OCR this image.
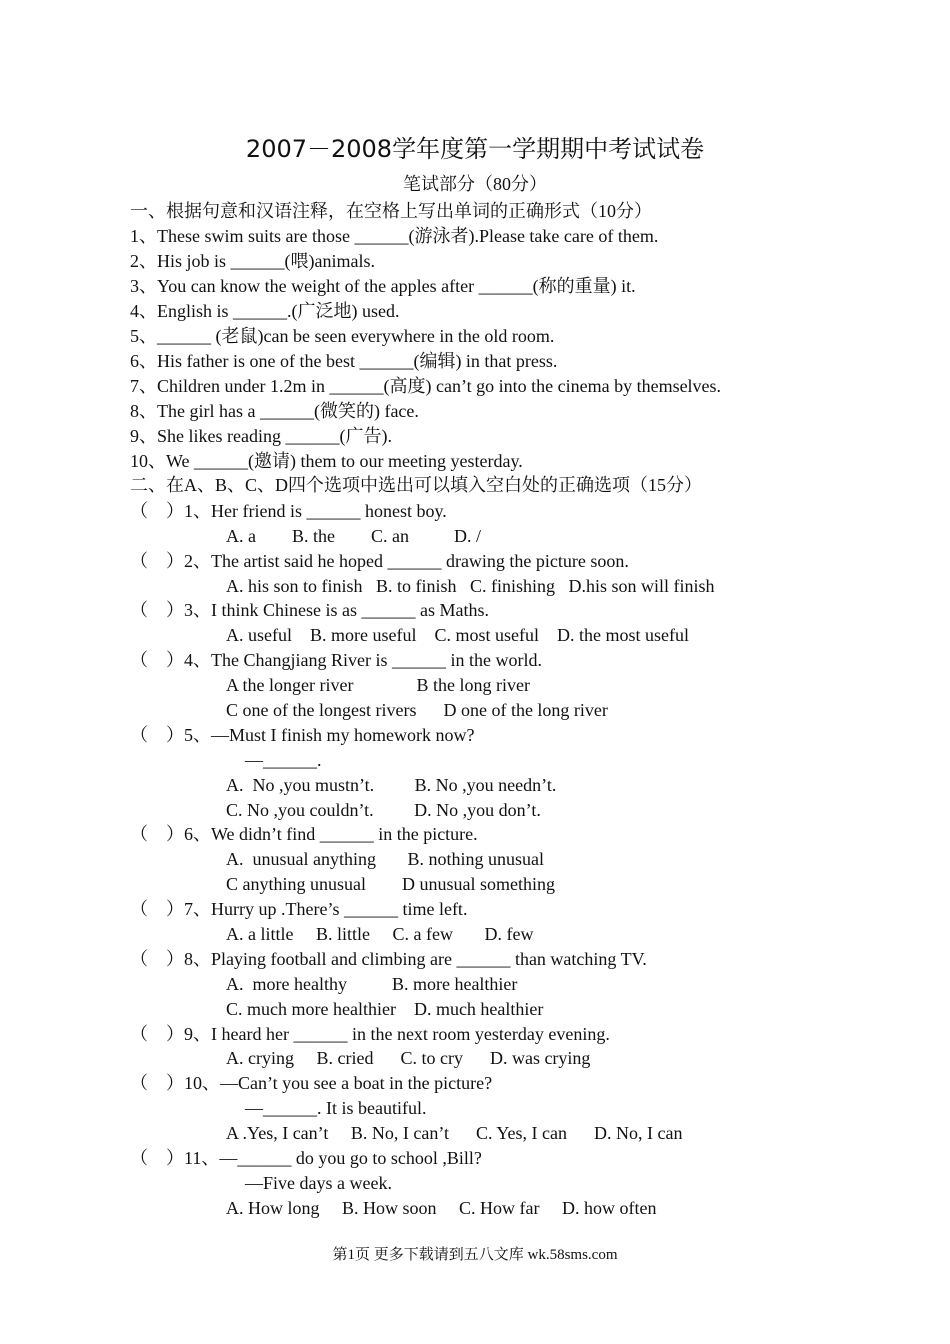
2007－2008学年度第一学期期中考试试卷
笔试部分（80分）
一、根据句意和汉语注释，在空格上写出单词的正确形式（10分）
1、These swim suits are those ______(游泳者).Please take care of them.
2、His job is ______(喂)animals.
3、You can know the weight of the apples after ______(称的重量) it.
4、English is ______.(广泛地) used.
5、______ (老鼠)can be seen everywhere in the old room.
6、His father is one of the best ______(编辑) in that press.
7、Children under 1.2m in ______(高度) can’t go into the cinema by themselves.
8、The girl has a ______(微笑的) face.
9、She likes reading ______(广告).
10、We ______(邀请) them to our meeting yesterday.
二、在A、B、C、D四个选项中选出可以填入空白处的正确选项（15分）
（    ）1、Her friend is ______ honest boy.
A. a        B. the        C. an          D. /
（    ）2、The artist said he hoped ______ drawing the picture soon.
A. his son to finish   B. to finish   C. finishing   D.his son will finish
（    ）3、I think Chinese is as ______ as Maths.
A. useful    B. more useful    C. most useful    D. the most useful
（    ）4、The Changjiang River is ______ in the world.
A the longer river              B the long river
C one of the longest rivers      D one of the long river
（    ）5、—Must I finish my homework now?
—______.
A.  No ,you mustn’t.         B. No ,you needn’t.
C. No ,you couldn’t.         D. No ,you don’t.
（    ）6、We didn’t find ______ in the picture.
A.  unusual anything       B. nothing unusual
C anything unusual        D unusual something
（    ）7、Hurry up .There’s ______ time left.
A. a little     B. little     C. a few       D. few
（    ）8、Playing football and climbing are ______ than watching TV.
A.  more healthy          B. more healthier
C. much more healthier    D. much healthier
（    ）9、I heard her ______ in the next room yesterday evening.
A. crying     B. cried      C. to cry      D. was crying
（    ）10、—Can’t you see a boat in the picture?
—______. It is beautiful.
A .Yes, I can’t     B. No, I can’t      C. Yes, I can      D. No, I can
（    ）11、—______ do you go to school ,Bill?
—Five days a week.
A. How long     B. How soon     C. How far     D. how often
第1页 更多下载请到五八文库 wk.58sms.com
